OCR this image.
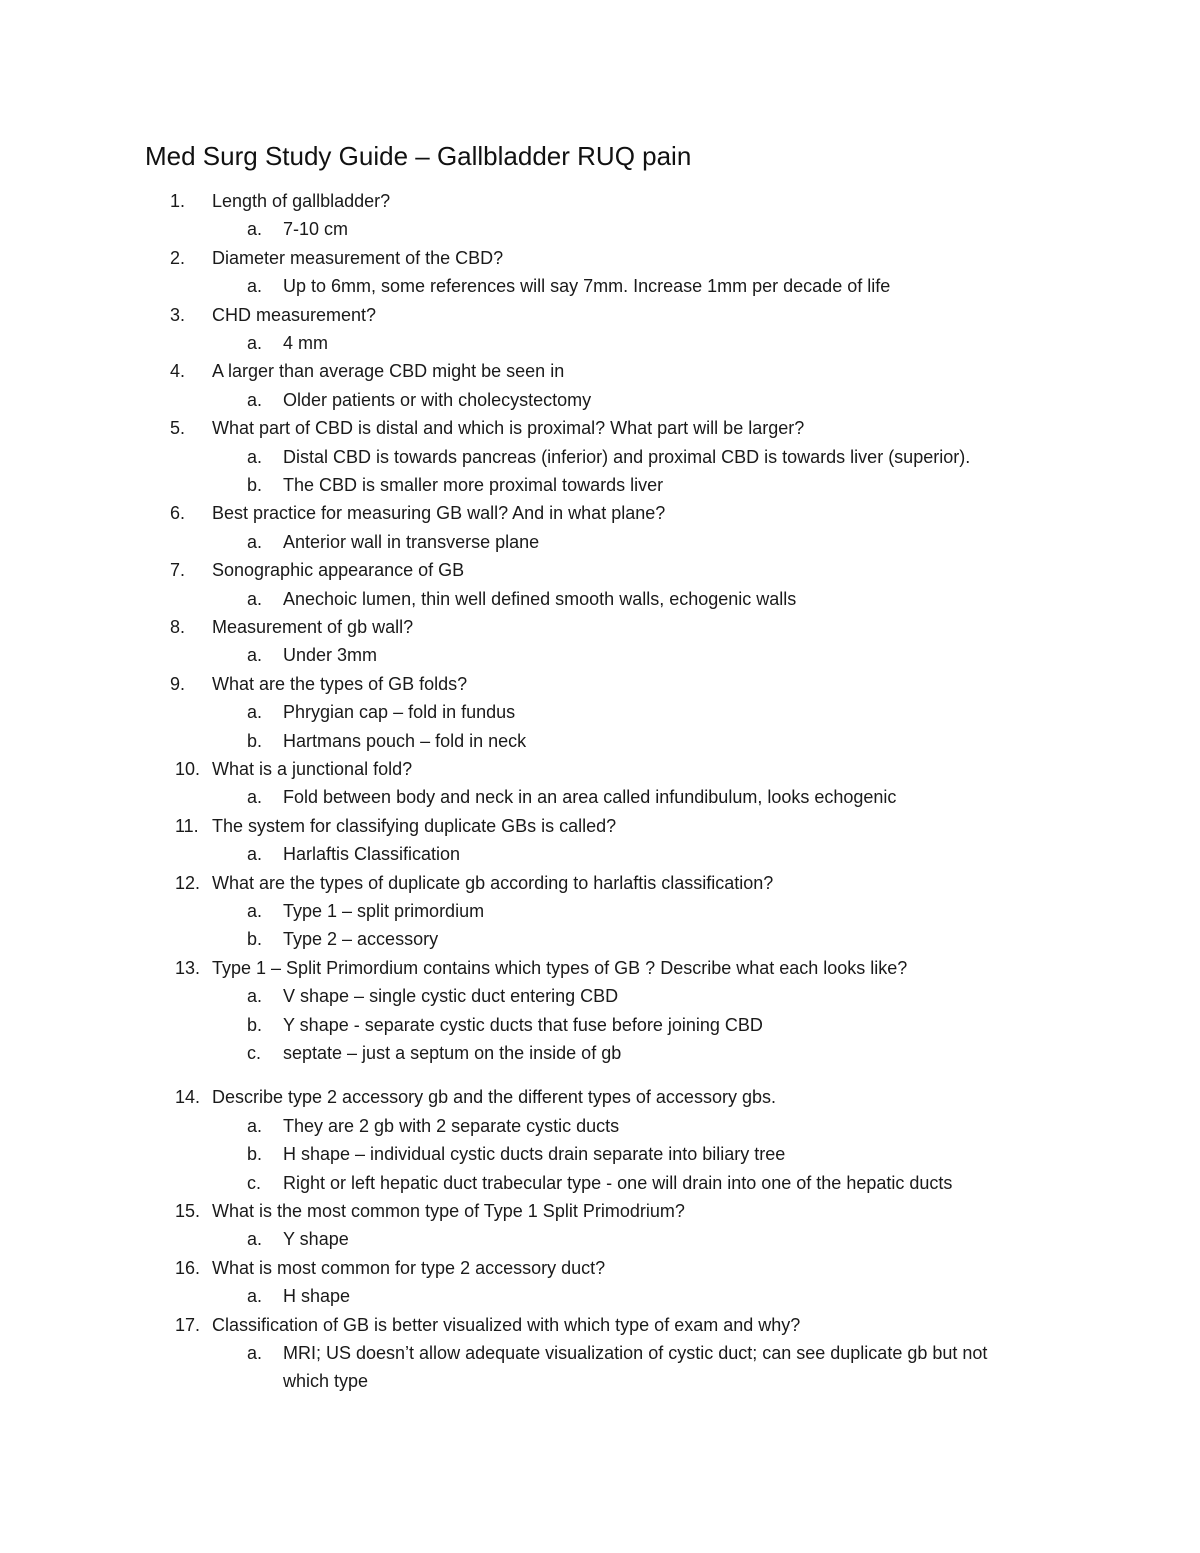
Med Surg Study Guide – Gallbladder RUQ pain
1.	Length of gallbladder?
a.	7-10 cm
2.	Diameter measurement of the CBD?
a.	Up to 6mm, some references will say 7mm. Increase 1mm per decade of life
3.	CHD measurement?
a.	4 mm
4.	A larger than average CBD might be seen in
a.	Older patients or with cholecystectomy
5.	What part of CBD is distal and which is proximal? What part will be larger?
a.	Distal CBD is towards pancreas (inferior) and proximal CBD is towards liver (superior).
b.	The CBD is smaller more proximal towards liver
6.	Best practice for measuring GB wall? And in what plane?
a.	Anterior wall in transverse plane
7.	Sonographic appearance of GB
a.	Anechoic lumen, thin well defined smooth walls, echogenic walls
8.	Measurement of gb wall?
a.	Under 3mm
9.	What are the types of GB folds?
a.	Phrygian cap – fold in fundus
b.	Hartmans pouch – fold in neck
10. What is a junctional fold?
a.	Fold between body and neck in an area called infundibulum, looks echogenic
11. The system for classifying duplicate GBs is called?
a.	Harlaftis Classification
12. What are the types of duplicate gb according to harlaftis classification?
a.	Type 1 – split primordium
b.	Type 2 – accessory
13. Type 1 – Split Primordium contains which types of GB ? Describe what each looks like?
a.	V shape – single cystic duct entering CBD
b.	Y shape - separate cystic ducts that fuse before joining CBD
c.	septate – just a septum on the inside of gb
14. Describe type 2 accessory gb and the different types of accessory gbs.
a.	They are 2 gb with 2 separate cystic ducts
b.	H shape – individual cystic ducts drain separate into biliary tree
c.	Right or left hepatic duct trabecular type - one will drain into one of the hepatic ducts
15. What is the most common type of Type 1 Split Primodrium?
a.	Y shape
16. What is most common for type 2 accessory duct?
a.	H shape
17. Classification of GB is better visualized with which type of exam and why?
a.	MRI; US doesn’t allow adequate visualization of cystic duct; can see duplicate gb but not
which type
